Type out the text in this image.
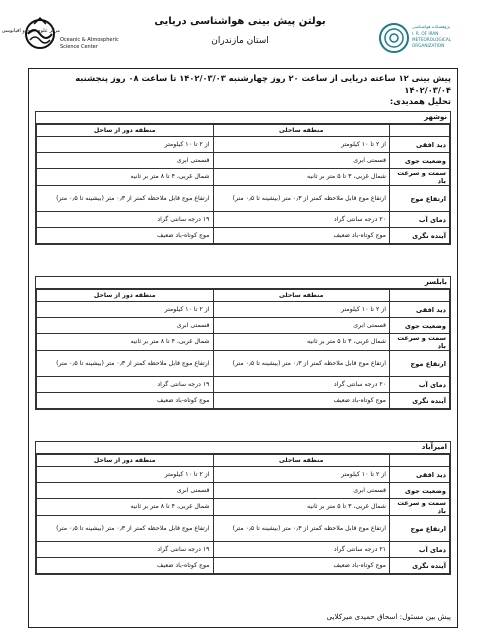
مرکز علوم جوی و اقیانوسی
Oceanic & Atmospheric
Science Center
بولتن پیش بینی هواشناسی دریایی
استان مازندران
پژوهشکده هواشناسی
I. R. OF IRAN
METEOROLOGICAL
ORGANIZATION
پیش بینی ۱۲ ساعته دریایی از ساعت ۲۰ روز چهارشنبه ۱۴۰۲/۰۳/۰۳ تا ساعت ۰۸ روز پنجشنبه ۱۴۰۲/۰۳/۰۴
تحلیل همدیدی:
نوشهر
	منطقه ساحلی	منطقه دور از ساحل
دید افقی	از ۲ تا ۱۰ کیلومتر	از ۲ تا ۱۰ کیلومتر
وضعیت جوی	قسمتی ابری	قسمتی ابری
سمت و سرعت باد	شمال غربی، ۳ تا ۵ متر بر ثانیه	شمال غربی، ۴ تا ۸ متر بر ثانیه
ارتفاع موج	ارتفاع موج قابل ملاحظه کمتر از ۰٫۳ متر (بیشینه تا ۰٫۵ متر)	ارتفاع موج قابل ملاحظه کمتر از ۰٫۳ متر (بیشینه تا ۰٫۵ متر)
دمای آب	۲۰ درجه سانتی گراد	۱۹ درجه سانتی گراد
آینده نگری	موج کوتاه-باد ضعیف	موج کوتاه-باد ضعیف
بابلسر
	منطقه ساحلی	منطقه دور از ساحل
دید افقی	از ۲ تا ۱۰ کیلومتر	از ۲ تا ۱۰ کیلومتر
وضعیت جوی	قسمتی ابری	قسمتی ابری
سمت و سرعت باد	شمال غربی، ۳ تا ۵ متر بر ثانیه	شمال غربی، ۴ تا ۸ متر بر ثانیه
ارتفاع موج	ارتفاع موج قابل ملاحظه کمتر از ۰٫۳ متر (بیشینه تا ۰٫۵ متر)	ارتفاع موج قابل ملاحظه کمتر از ۰٫۳ متر (بیشینه تا ۰٫۵ متر)
دمای آب	۲۰ درجه سانتی گراد	۱۹ درجه سانتی گراد
آینده نگری	موج کوتاه-باد ضعیف	موج کوتاه-باد ضعیف
امیرآباد
	منطقه ساحلی	منطقه دور از ساحل
دید افقی	از ۲ تا ۱۰ کیلومتر	از ۲ تا ۱۰ کیلومتر
وضعیت جوی	قسمتی ابری	قسمتی ابری
سمت و سرعت باد	شمال غربی، ۳ تا ۵ متر بر ثانیه	شمال غربی، ۴ تا ۸ متر بر ثانیه
ارتفاع موج	ارتفاع موج قابل ملاحظه کمتر از ۰٫۳ متر (بیشینه تا ۰٫۵ متر)	ارتفاع موج قابل ملاحظه کمتر از ۰٫۳ متر (بیشینه تا ۰٫۵ متر)
دمای آب	۲۱ درجه سانتی گراد	۱۹ درجه سانتی گراد
آینده نگری	موج کوتاه-باد ضعیف	موج کوتاه-باد ضعیف
پیش بین مسئول: اسحاق حمیدی میرکلایی
